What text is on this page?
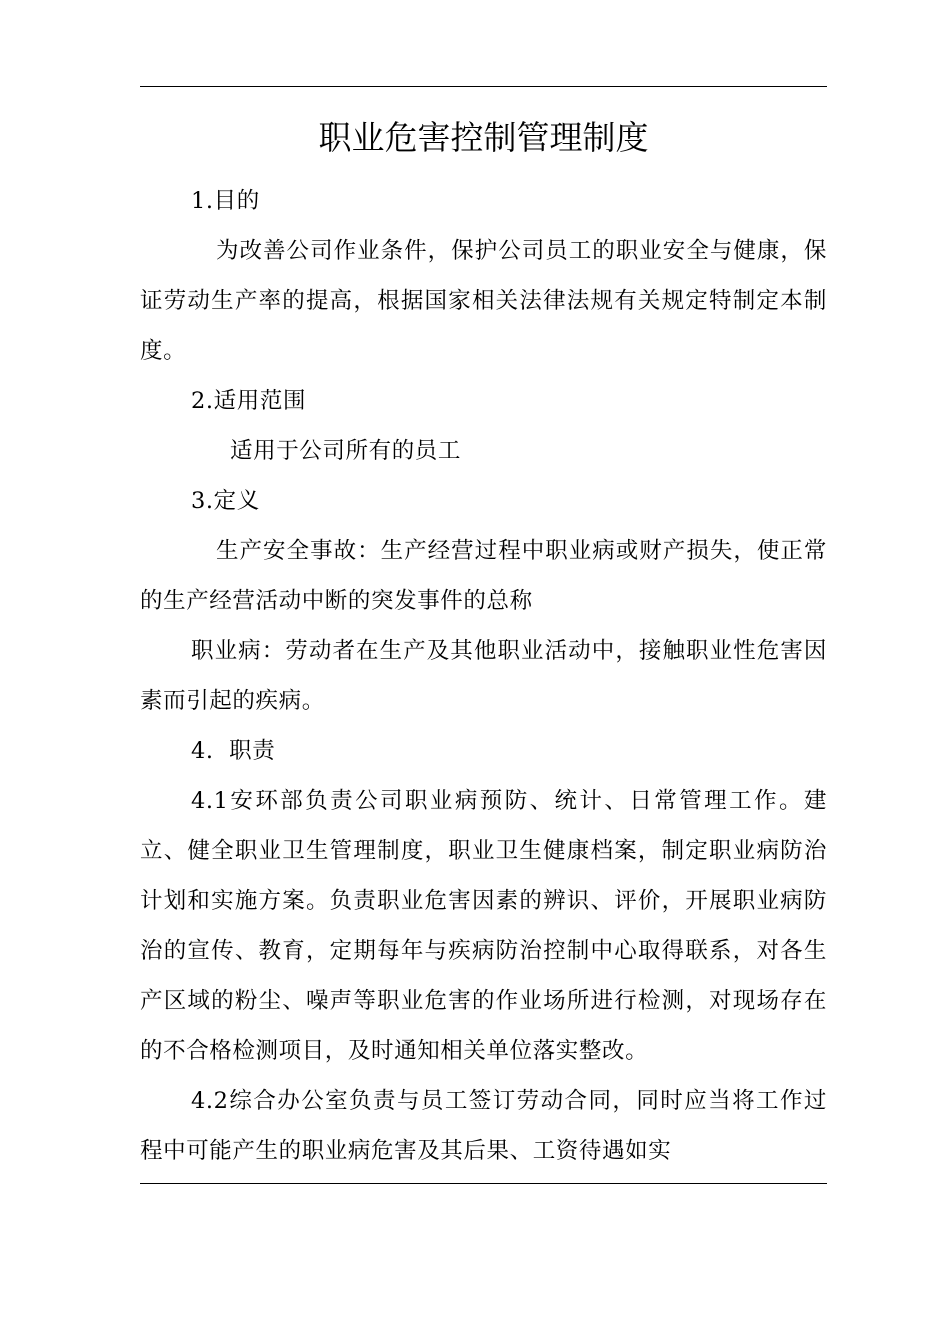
职业危害控制管理制度

1.目的

为改善公司作业条件，保护公司员工的职业安全与健康，保证劳动生产率的提高，根据国家相关法律法规有关规定特制定本制度。

2.适用范围

适用于公司所有的员工

3.定义

生产安全事故：生产经营过程中职业病或财产损失，使正常的生产经营活动中断的突发事件的总称

职业病：劳动者在生产及其他职业活动中，接触职业性危害因素而引起的疾病。

4.  职责

4.1安环部负责公司职业病预防、统计、日常管理工作。建立、健全职业卫生管理制度，职业卫生健康档案，制定职业病防治计划和实施方案。负责职业危害因素的辨识、评价，开展职业病防治的宣传、教育，定期每年与疾病防治控制中心取得联系，对各生产区域的粉尘、噪声等职业危害的作业场所进行检测，对现场存在的不合格检测项目，及时通知相关单位落实整改。

4.2综合办公室负责与员工签订劳动合同，同时应当将工作过程中可能产生的职业病危害及其后果、工资待遇如实
